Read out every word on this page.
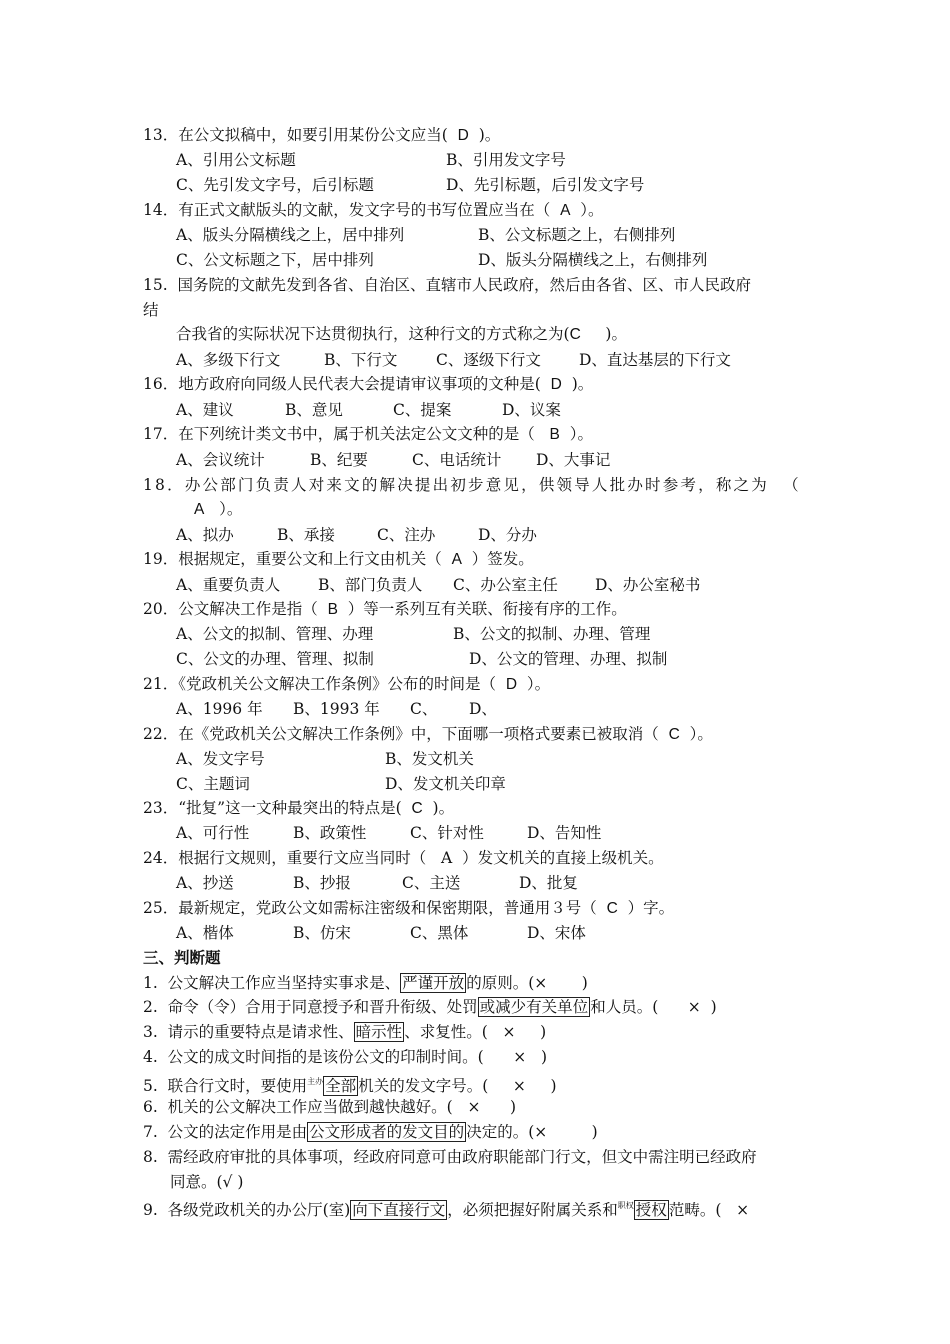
13．在公文拟稿中，如要引用某份公文应当(  D  )。
A、引用公文标题	B、引用发文字号
C、先引发文字号，后引标题	D、先引标题，后引发文字号
14．有正式文献版头的文献，发文字号的书写位置应当在（  A  ）。
A、版头分隔横线之上，居中排列	B、公文标题之上，右侧排列
C、公文标题之下，居中排列	D、版头分隔横线之上，右侧排列
15. 国务院的文献先发到各省、自治区、直辖市人民政府，然后由各省、区、市人民政府
结
合我省的实际状况下达贯彻执行，这种行文的方式称之为(C     )。
A、多级下行文	B、下行文 C、逐级下行文 D、直达基层的下行文
16．地方政府向同级人民代表大会提请审议事项的文种是(  D  )。
A、建议	B、意见	C、提案	D、议案
17．在下列统计类文书中，属于机关法定公文文种的是（   B  ）。
A、会议统计	B、纪要	C、电话统计 D、大事记
18．办公部门负责人对来文的解决提出初步意见，供领导人批办时参考，称之为  （
A   ）。
A、拟办	B、承接	C、注办	D、分办
19．根据规定，重要公文和上行文由机关（  A  ）签发。
A、重要负责人 B、部门负责人 C、办公室主任 D、办公室秘书
20．公文解决工作是指（  B  ）等一系列互有关联、衔接有序的工作。
A、公文的拟制、管理、办理	B、公文的拟制、办理、管理
C、公文的办理、管理、拟制	D、公文的管理、办理、拟制
21．《党政机关公文解决工作条例》公布的时间是（  D  ）。
A、1996 年 B、1993 年 C、 D、
22．在《党政机关公文解决工作条例》中，下面哪一项格式要素已被取消（  C  ）。
A、发文字号	B、发文机关
C、主题词	D、发文机关印章
23．“批复”这一文种最突出的特点是(  C  )。
A、可行性	B、政策性	C、针对性	D、告知性
24．根据行文规则，重要行文应当同时（   A  ）发文机关的直接上级机关。
A、抄送	B、抄报	C、主送	D、批复
25．最新规定，党政公文如需标注密级和保密期限，普通用３号（  C  ）字。
A、楷体	B、仿宋	C、黑体	D、宋体
三、判断题
1. 公文解决工作应当坚持实事求是、 严谨开放 的原则。(×       )
2. 命令（令）合用于同意授予和晋升衔级、处罚 或减少有关单位 和人员。(      ×  )
3. 请示的重要特点是请求性、 暗示性 、求复性。(   ×     )
4. 公文的成文时间指的是该份公文的印制时间。(      ×   )
5. 联合行文时，要使用$^{主办}$ 全部 机关的发文字号。(     ×     )
6. 机关的公文解决工作应当做到越快越好。(   ×      )
7. 公文的法定作用是由 公文形成者的发文目的 决定的。(×         )
8. 需经政府审批的具体事项，经政府同意可由政府职能部门行文，但文中需注明已经政府
同意。(√ )
9. 各级党政机关的办公厅(室) 向下直接行文 ，必须把握好附属关系和$^{职权}$ 授权 范畴。(   ×
